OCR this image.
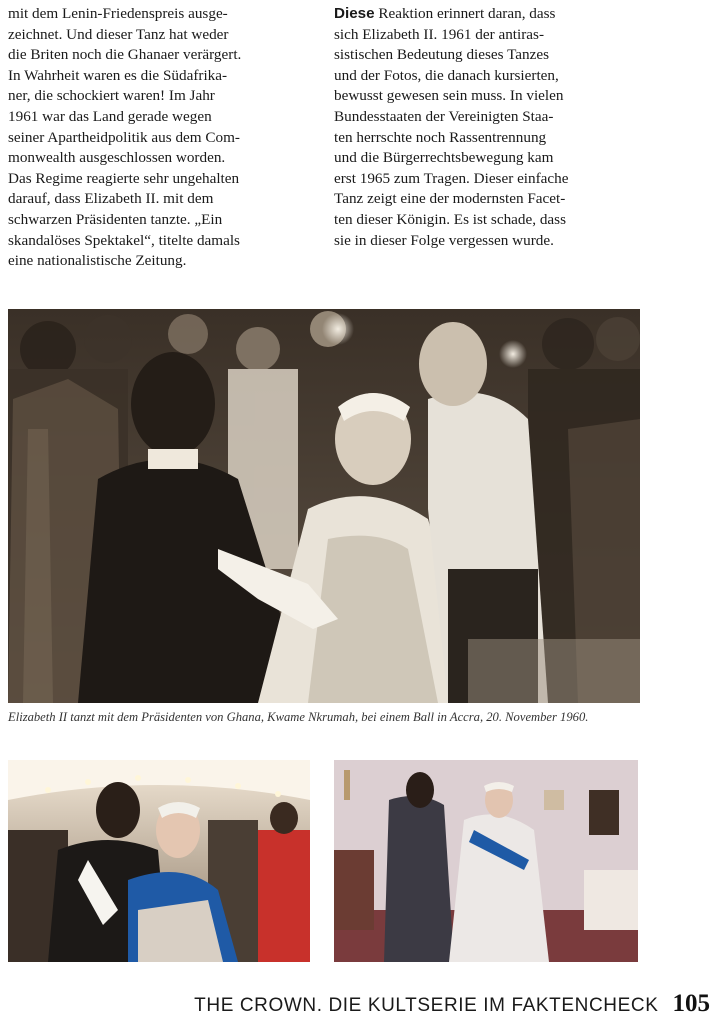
mit dem Lenin-Friedenspreis ausge-

zeichnet. Und dieser Tanz hat weder

die Briten noch die Ghanaer verärgert.

In Wahrheit waren es die Südafrika-

ner, die schockiert waren! Im Jahr

1961 war das Land gerade wegen

seiner Apartheidpolitik aus dem Com-

monwealth ausgeschlossen worden.

Das Regime reagierte sehr ungehalten

darauf, dass Elizabeth II. mit dem

schwarzen Präsidenten tanzte. „Ein

skandalöses Spektakel“, titelte damals

eine nationalistische Zeitung.

Diese Reaktion erinnert daran, dass

sich Elizabeth II. 1961 der antiras-

sistischen Bedeutung dieses Tanzes

und der Fotos, die danach kursierten,

bewusst gewesen sein muss. In vielen

Bundesstaaten der Vereinigten Staa-

ten herrschte noch Rassentrennung

und die Bürgerrechtsbewegung kam

erst 1965 zum Tragen. Dieser einfache

Tanz zeigt eine der modernsten Facet-

ten dieser Königin. Es ist schade, dass

sie in dieser Folge vergessen wurde.

Elizabeth II tanzt mit dem Präsidenten von Ghana, Kwame Nkrumah, bei einem Ball in Accra, 20. November 1960.
THE CROWN. DIE KULTSERIE IM FAKTENCHECK 105
